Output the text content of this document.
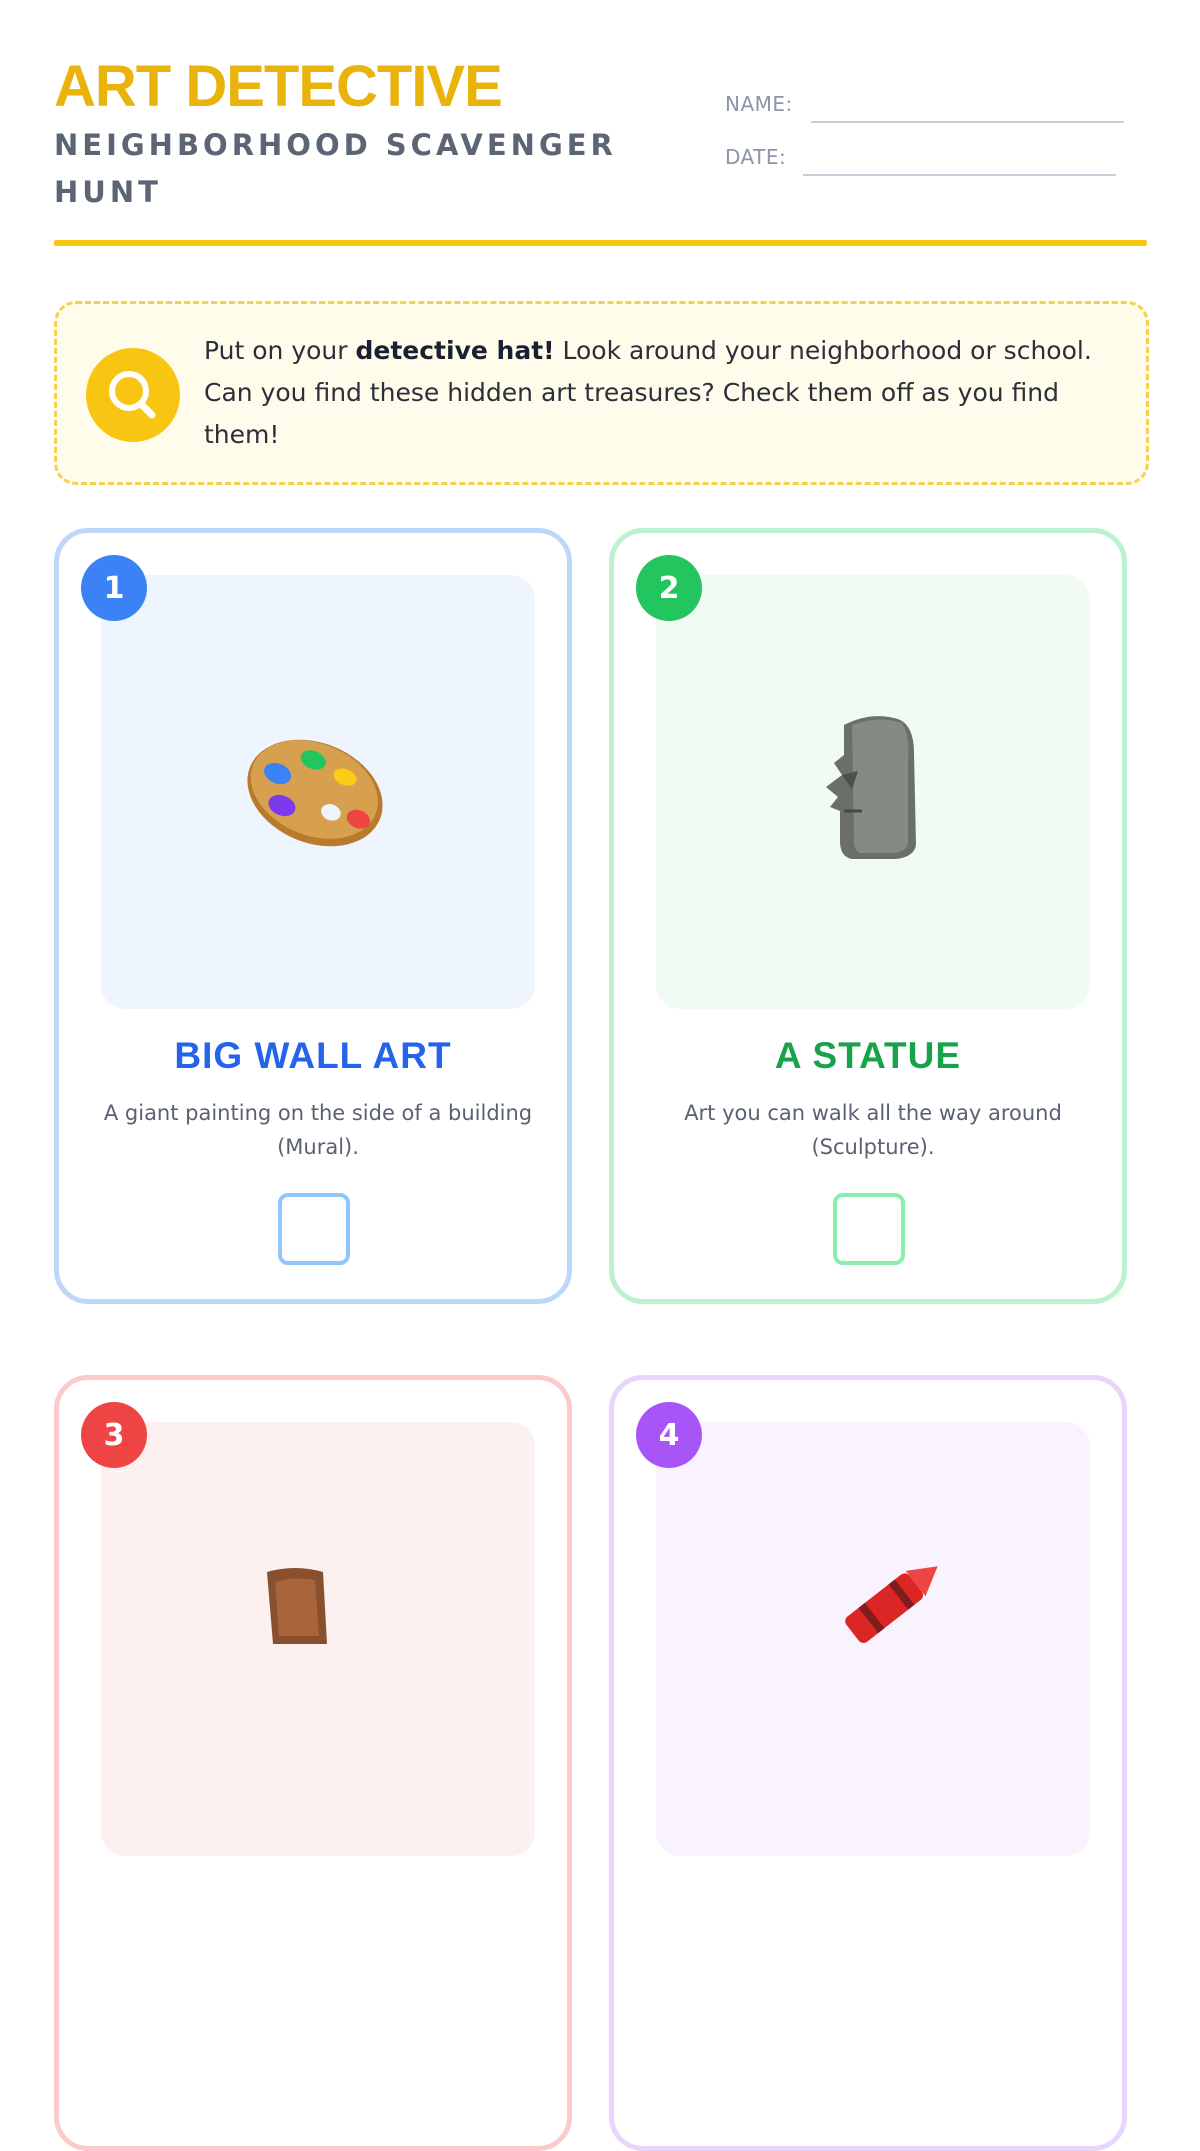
ART DETECTIVE
NEIGHBORHOOD SCAVENGER HUNT
NAME:
DATE:
Put on your detective hat! Look around your neighborhood or school. Can you find these hidden art treasures? Check them off as you find them!
1
BIG WALL ART
A giant painting on the side of a building (Mural).
2
A STATUE
Art you can walk all the way around (Sculpture).
3	4
